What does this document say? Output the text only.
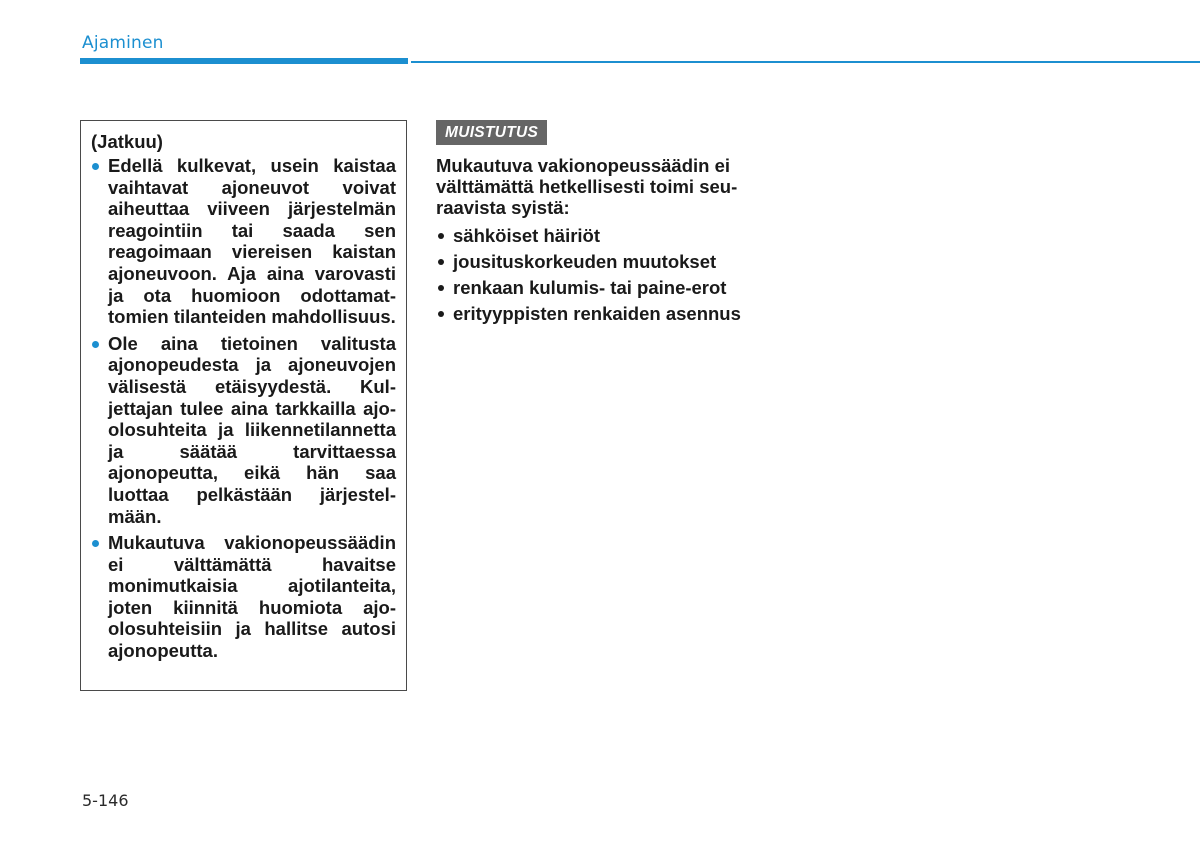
Ajaminen
(Jatkuu)
Edellä kulkevat, usein kaistaa vaihtavat ajoneuvot voivat aiheuttaa viiveen järjestelmän reagointiin tai saada sen reagoimaan viereisen kaistan ajoneuvoon. Aja aina varovasti ja ota huomioon odottamattomien tilanteiden mahdollisuus.
Ole aina tietoinen valitusta ajonopeudesta ja ajoneuvojen välisestä etäisyydestä. Kuljettajan tulee aina tarkkailla ajo-olosuhteita ja liikennetilannetta ja säätää tarvittaessa ajonopeutta, eikä hän saa luottaa pelkästään järjestelmään.
Mukautuva vakionopeussäädin ei välttämättä havaitse monimutkaisia ajotilanteita, joten kiinnitä huomiota ajo-olosuhteisiin ja hallitse autosi ajonopeutta.
MUISTUTUS
Mukautuva vakionopeussäädin ei välttämättä hetkellisesti toimi seuraavista syistä:
sähköiset häiriöt
jousituskorkeuden muutokset
renkaan kulumis- tai paine-erot
erityyppisten renkaiden asennus
5-146
